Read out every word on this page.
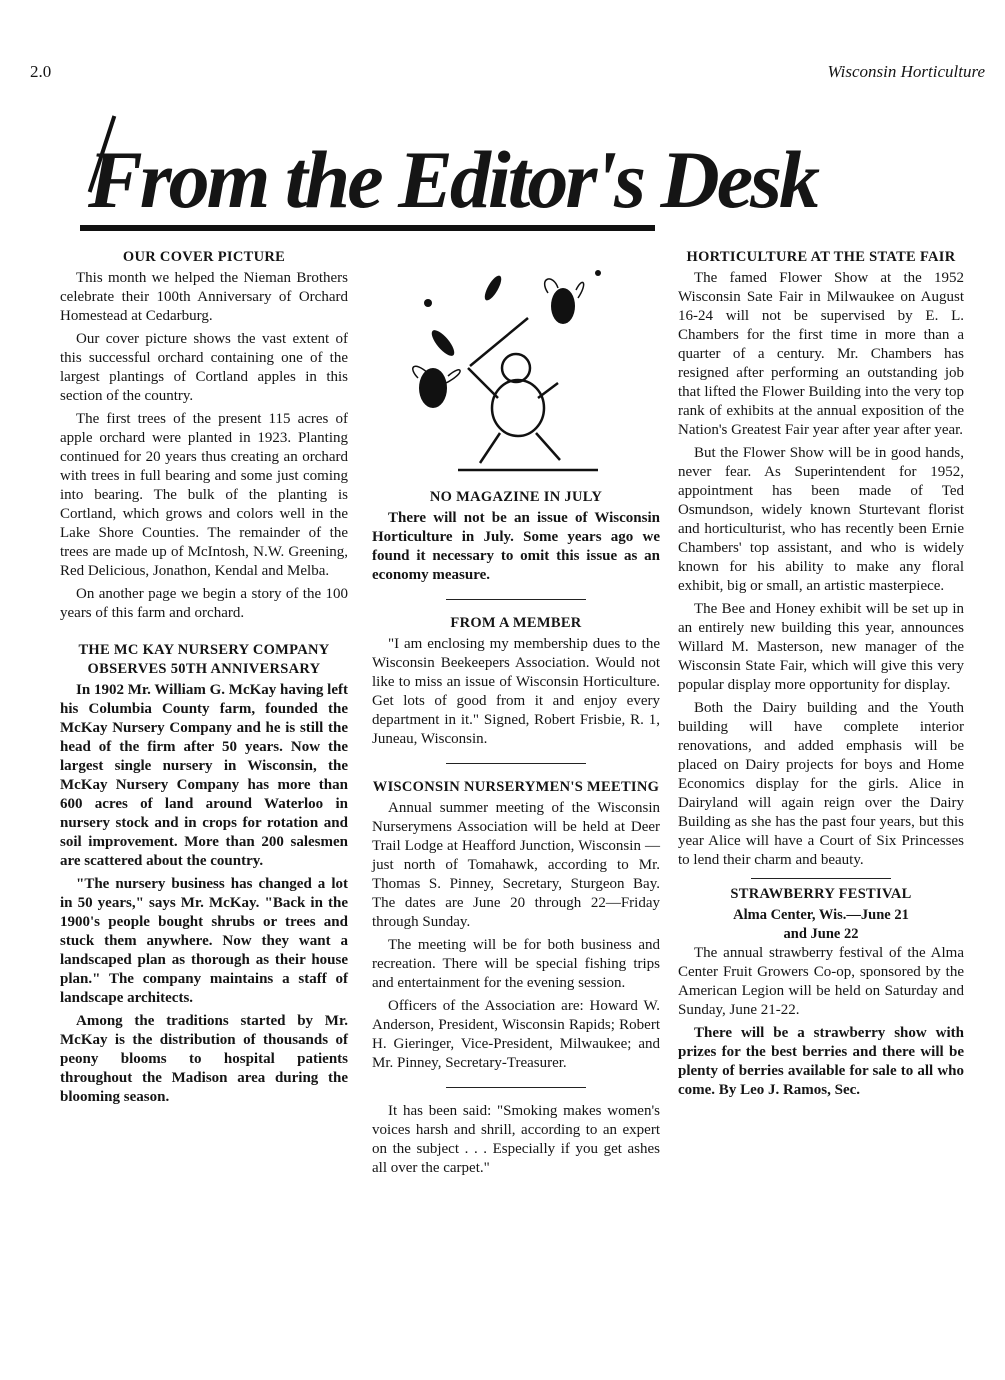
2.0	Wisconsin Horticulture
From the Editor's Desk
OUR COVER PICTURE

This month we helped the Nieman Brothers celebrate their 100th Anniversary of Orchard Homestead at Cedarburg.

Our cover picture shows the vast extent of this successful orchard containing one of the largest plantings of Cortland apples in this section of the country.

The first trees of the present 115 acres of apple orchard were planted in 1923. Planting continued for 20 years thus creating an orchard with trees in full bearing and some just coming into bearing. The bulk of the planting is Cortland, which grows and colors well in the Lake Shore Counties. The remainder of the trees are made up of McIntosh, N.W. Greening, Red Delicious, Jonathon, Kendal and Melba.

On another page we begin a story of the 100 years of this farm and orchard.

THE MC KAY NURSERY COMPANY OBSERVES 50TH ANNIVERSARY

In 1902 Mr. William G. McKay having left his Columbia County farm, founded the McKay Nursery Company and he is still the head of the firm after 50 years. Now the largest single nursery in Wisconsin, the McKay Nursery Company has more than 600 acres of land around Waterloo in nursery stock and in crops for rotation and soil improvement. More than 200 salesmen are scattered about the country.

"The nursery business has changed a lot in 50 years," says Mr. McKay. "Back in the 1900's people bought shrubs or trees and stuck them anywhere. Now they want a landscaped plan as thorough as their house plan." The company maintains a staff of landscape architects.

Among the traditions started by Mr. McKay is the distribution of thousands of peony blooms to hospital patients throughout the Madison area during the blooming season.

NO MAGAZINE IN JULY

There will not be an issue of Wisconsin Horticulture in July. Some years ago we found it necessary to omit this issue as an economy measure.

FROM A MEMBER

"I am enclosing my membership dues to the Wisconsin Beekeepers Association. Would not like to miss an issue of Wisconsin Horticulture. Get lots of good from it and enjoy every department in it." Signed, Robert Frisbie, R. 1, Juneau, Wisconsin.

WISCONSIN NURSERYMEN'S MEETING

Annual summer meeting of the Wisconsin Nurserymens Association will be held at Deer Trail Lodge at Heafford Junction, Wisconsin — just north of Tomahawk, according to Mr. Thomas S. Pinney, Secretary, Sturgeon Bay. The dates are June 20 through 22—Friday through Sunday.

The meeting will be for both business and recreation. There will be special fishing trips and entertainment for the evening session.

Officers of the Association are: Howard W. Anderson, President, Wisconsin Rapids; Robert H. Gieringer, Vice-President, Milwaukee; and Mr. Pinney, Secretary-Treasurer.

It has been said: "Smoking makes women's voices harsh and shrill, according to an expert on the subject . . . Especially if you get ashes all over the carpet."

HORTICULTURE AT THE STATE FAIR

The famed Flower Show at the 1952 Wisconsin Sate Fair in Milwaukee on August 16-24 will not be supervised by E. L. Chambers for the first time in more than a quarter of a century. Mr. Chambers has resigned after performing an outstanding job that lifted the Flower Building into the very top rank of exhibits at the annual exposition of the Nation's Greatest Fair year after year after year.

But the Flower Show will be in good hands, never fear. As Superintendent for 1952, appointment has been made of Ted Osmundson, widely known Sturtevant florist and horticulturist, who has recently been Ernie Chambers' top assistant, and who is widely known for his ability to make any floral exhibit, big or small, an artistic masterpiece.

The Bee and Honey exhibit will be set up in an entirely new building this year, announces Willard M. Masterson, new manager of the Wisconsin State Fair, which will give this very popular display more opportunity for display.

Both the Dairy building and the Youth building will have complete interior renovations, and added emphasis will be placed on Dairy projects for boys and Home Economics display for the girls. Alice in Dairyland will again reign over the Dairy Building as she has the past four years, but this year Alice will have a Court of Six Princesses to lend their charm and beauty.

STRAWBERRY FESTIVAL
Alma Center, Wis.—June 21
and June 22

The annual strawberry festival of the Alma Center Fruit Growers Co-op, sponsored by the American Legion will be held on Saturday and Sunday, June 21-22.

There will be a strawberry show with prizes for the best berries and there will be plenty of berries available for sale to all who come. By Leo J. Ramos, Sec.
